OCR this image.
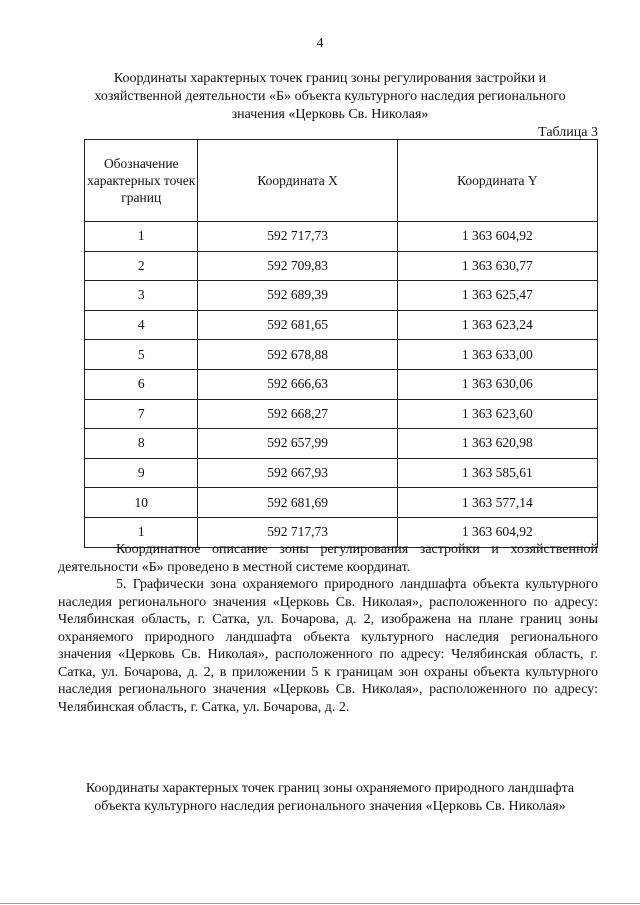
4
Координаты характерных точек границ зоны регулирования застройки и хозяйственной деятельности «Б» объекта культурного наследия регионального значения «Церковь Св. Николая»
Таблица 3
Обозначение характерных точек границ	Координата X	Координата Y
1	592 717,73	1 363 604,92
2	592 709,83	1 363 630,77
3	592 689,39	1 363 625,47
4	592 681,65	1 363 623,24
5	592 678,88	1 363 633,00
6	592 666,63	1 363 630,06
7	592 668,27	1 363 623,60
8	592 657,99	1 363 620,98
9	592 667,93	1 363 585,61
10	592 681,69	1 363 577,14
1	592 717,73	1 363 604,92
Координатное описание зоны регулирования застройки и хозяйственной деятельности «Б» проведено в местной системе координат.
5. Графически зона охраняемого природного ландшафта объекта культурного наследия регионального значения «Церковь Св. Николая», расположенного по адресу: Челябинская область, г. Сатка, ул. Бочарова, д. 2, изображена на плане границ зоны охраняемого природного ландшафта объекта культурного наследия регионального значения «Церковь Св. Николая», расположенного по адресу: Челябинская область, г. Сатка, ул. Бочарова, д. 2, в приложении 5 к границам зон охраны объекта культурного наследия регионального значения «Церковь Св. Николая», расположенного по адресу: Челябинская область, г. Сатка, ул. Бочарова, д. 2.
Координаты характерных точек границ зоны охраняемого природного ландшафта объекта культурного наследия регионального значения «Церковь Св. Николая»
